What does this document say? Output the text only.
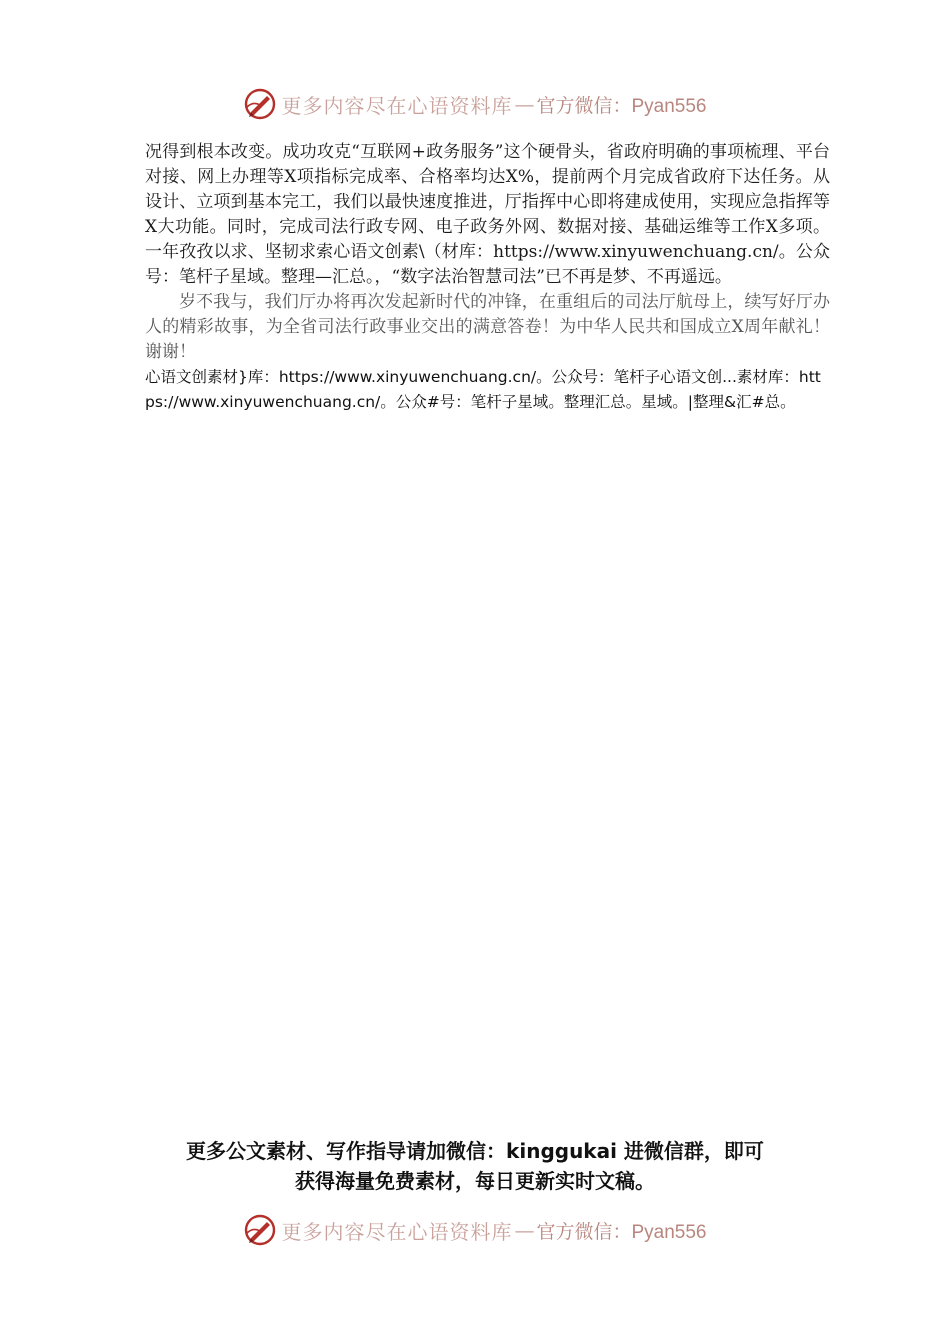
更多内容尽在心语资料库 — 官方微信：Pyan556

况得到根本改变。成功攻克“互联网+政务服务”这个硬骨头，省政府明确的事项梳理、平台对接、网上办理等X项指标完成率、合格率均达X%，提前两个月完成省政府下达任务。从设计、立项到基本完工，我们以最快速度推进，厅指挥中心即将建成使用，实现应急指挥等X大功能。同时，完成司法行政专网、电子政务外网、数据对接、基础运维等工作X多项。一年孜孜以求、坚韧求索心语文创素\（材库：https://www.xinyuwenchuang.cn/。公众号：笔杆子星域。整理—汇总。，“数字法治智慧司法”已不再是梦、不再遥远。

岁不我与，我们厅办将再次发起新时代的冲锋，在重组后的司法厅航母上，续写好厅办人的精彩故事，为全省司法行政事业交出的满意答卷！为中华人民共和国成立X周年献礼！谢谢！

心语文创素材}库：https://www.xinyuwenchuang.cn/。公众号：笔杆子心语文创...素材库：https://www.xinyuwenchuang.cn/。公众#号：笔杆子星域。整理汇总。星域。|整理&汇#总。

更多公文素材、写作指导请加微信：kinggukai 进微信群，即可
获得海量免费素材，每日更新实时文稿。
更多内容尽在心语资料库 — 官方微信：Pyan556
